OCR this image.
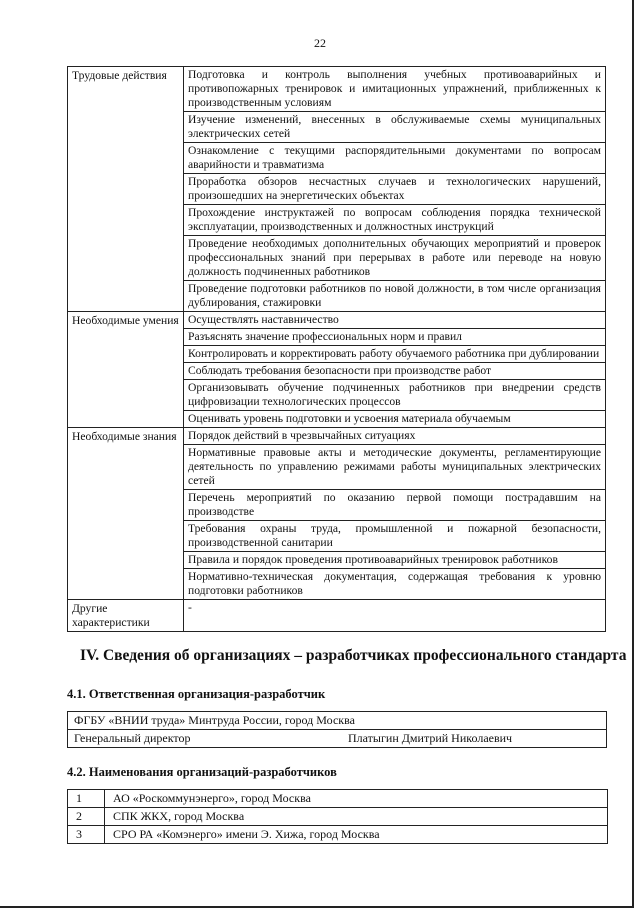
22
Трудовые действия	Подготовка и контроль выполнения учебных противоаварийных и противопожарных тренировок и имитационных упражнений, приближенных к производственным условиям
	Изучение изменений, внесенных в обслуживаемые схемы муниципальных электрических сетей
	Ознакомление с текущими распорядительными документами по вопросам аварийности и травматизма
	Проработка обзоров несчастных случаев и технологических нарушений, произошедших на энергетических объектах
	Прохождение инструктажей по вопросам соблюдения порядка технической эксплуатации, производственных и должностных инструкций
	Проведение необходимых дополнительных обучающих мероприятий и проверок профессиональных знаний при перерывах в работе или переводе на новую должность подчиненных работников
	Проведение подготовки работников по новой должности, в том числе организация дублирования, стажировки
Необходимые умения	Осуществлять наставничество
	Разъяснять значение профессиональных норм и правил
	Контролировать и корректировать работу обучаемого работника при дублировании
	Соблюдать требования безопасности при производстве работ
	Организовывать обучение подчиненных работников при внедрении средств цифровизации технологических процессов
	Оценивать уровень подготовки и усвоения материала обучаемым
Необходимые знания	Порядок действий в чрезвычайных ситуациях
	Нормативные правовые акты и методические документы, регламентирующие деятельность по управлению режимами работы муниципальных электрических сетей
	Перечень мероприятий по оказанию первой помощи пострадавшим на производстве
	Требования охраны труда, промышленной и пожарной безопасности, производственной санитарии
	Правила и порядок проведения противоаварийных тренировок работников
	Нормативно-техническая документация, содержащая требования к уровню подготовки работников
Другие характеристики	-
IV. Сведения об организациях – разработчиках профессионального стандарта
4.1. Ответственная организация-разработчик
ФГБУ «ВНИИ труда» Минтруда России, город Москва
Генеральный директор	Платыгин Дмитрий Николаевич
4.2. Наименования организаций-разработчиков
1	АО «Роскоммунэнерго», город Москва
2	СПК ЖКХ, город Москва
3	СРО РА «Комэнерго» имени Э. Хижа, город Москва
